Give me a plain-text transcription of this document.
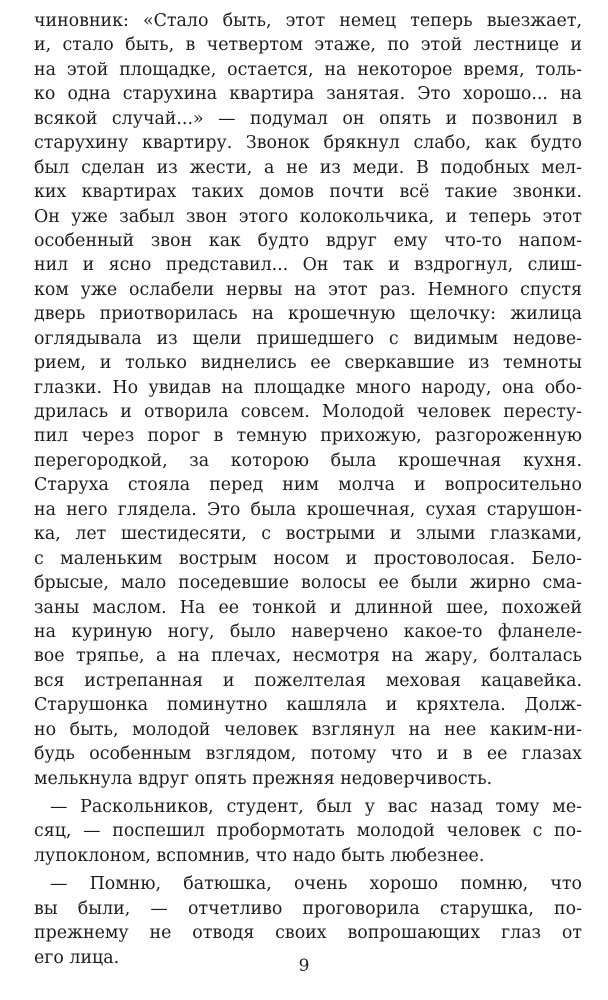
чиновник: «Стало быть, этот немец теперь выезжает,
и, стало быть, в четвертом этаже, по этой лестнице и
на этой площадке, остается, на некоторое время, толь-
ко одна старухина квартира занятая. Это хорошо... на
всякой случай...» — подумал он опять и позвонил в
старухину квартиру. Звонок брякнул слабо, как будто
был сделан из жести, а не из меди. В подобных мел-
ких квартирах таких домов почти всё такие звонки.
Он уже забыл звон этого колокольчика, и теперь этот
особенный звон как будто вдруг ему что-то напом-
нил и ясно представил... Он так и вздрогнул, слиш-
ком уже ослабели нервы на этот раз. Немного спустя
дверь приотворилась на крошечную щелочку: жилица
оглядывала из щели пришедшего с видимым недове-
рием, и только виднелись ее сверкавшие из темноты
глазки. Но увидав на площадке много народу, она обо-
дрилась и отворила совсем. Молодой человек пересту-
пил через порог в темную прихожую, разгороженную
перегородкой, за которою была крошечная кухня.
Старуха стояла перед ним молча и вопросительно
на него глядела. Это была крошечная, сухая старушон-
ка, лет шестидесяти, с вострыми и злыми глазками,
с маленьким вострым носом и простоволосая. Бело-
брысые, мало поседевшие волосы ее были жирно сма-
заны маслом. На ее тонкой и длинной шее, похожей
на куриную ногу, было наверчено какое-то фланеле-
вое тряпье, а на плечах, несмотря на жару, болталась
вся истрепанная и пожелтелая меховая кацавейка.
Старушонка поминутно кашляла и кряхтела. Долж-
но быть, молодой человек взглянул на нее каким-ни-
будь особенным взглядом, потому что и в ее глазах
мелькнула вдруг опять прежняя недоверчивость.
— Раскольников, студент, был у вас назад тому ме-
сяц, — поспешил пробормотать молодой человек с по-
лупоклоном, вспомнив, что надо быть любезнее.
— Помню, батюшка, очень хорошо помню, что
вы были, — отчетливо проговорила старушка, по-
прежнему не отводя своих вопрошающих глаз от
его лица.	9
